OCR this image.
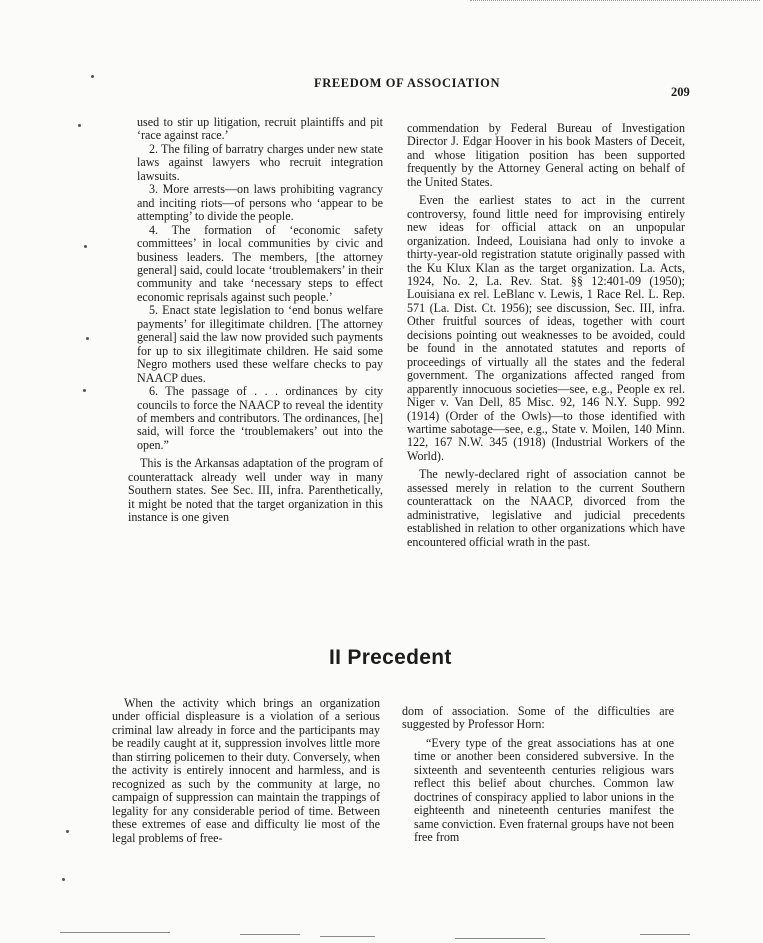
FREEDOM OF ASSOCIATION
209

used to stir up litigation, recruit plaintiffs and pit ‘race against race.’

2. The filing of barratry charges under new state laws against lawyers who recruit integration lawsuits.

3. More arrests—on laws prohibiting vagrancy and inciting riots—of persons who ‘appear to be attempting’ to divide the people.

4. The formation of ‘economic safety committees’ in local communities by civic and business leaders. The members, [the attorney general] said, could locate ‘troublemakers’ in their community and take ‘necessary steps to effect economic reprisals against such people.’

5. Enact state legislation to ‘end bonus welfare payments’ for illegitimate children. [The attorney general] said the law now provided such payments for up to six illegitimate children. He said some Negro mothers used these welfare checks to pay NAACP dues.

6. The passage of . . . ordinances by city councils to force the NAACP to reveal the identity of members and contributors. The ordinances, [he] said, will force the ‘troublemakers’ out into the open.”

This is the Arkansas adaptation of the program of counterattack already well under way in many Southern states. See Sec. III, infra. Parenthetically, it might be noted that the target organization in this instance is one given

commendation by Federal Bureau of Investigation Director J. Edgar Hoover in his book Masters of Deceit, and whose litigation position has been supported frequently by the Attorney General acting on behalf of the United States.

Even the earliest states to act in the current controversy, found little need for improvising entirely new ideas for official attack on an unpopular organization. Indeed, Louisiana had only to invoke a thirty-year-old registration statute originally passed with the Ku Klux Klan as the target organization. La. Acts, 1924, No. 2, La. Rev. Stat. §§ 12:401-09 (1950); Louisiana ex rel. LeBlanc v. Lewis, 1 Race Rel. L. Rep. 571 (La. Dist. Ct. 1956); see discussion, Sec. III, infra. Other fruitful sources of ideas, together with court decisions pointing out weaknesses to be avoided, could be found in the annotated statutes and reports of proceedings of virtually all the states and the federal government. The organizations affected ranged from apparently innocuous societies—see, e.g., People ex rel. Niger v. Van Dell, 85 Misc. 92, 146 N.Y. Supp. 992 (1914) (Order of the Owls)—to those identified with wartime sabotage—see, e.g., State v. Moilen, 140 Minn. 122, 167 N.W. 345 (1918) (Industrial Workers of the World).

The newly-declared right of association cannot be assessed merely in relation to the current Southern counterattack on the NAACP, divorced from the administrative, legislative and judicial precedents established in relation to other organizations which have encountered official wrath in the past.

II Precedent

When the activity which brings an organization under official displeasure is a violation of a serious criminal law already in force and the participants may be readily caught at it, suppression involves little more than stirring policemen to their duty. Conversely, when the activity is entirely innocent and harmless, and is recognized as such by the community at large, no campaign of suppression can maintain the trappings of legality for any considerable period of time. Between these extremes of ease and difficulty lie most of the legal problems of free-

dom of association. Some of the difficulties are suggested by Professor Horn:

“Every type of the great associations has at one time or another been considered subversive. In the sixteenth and seventeenth centuries religious wars reflect this belief about churches. Common law doctrines of conspiracy applied to labor unions in the eighteenth and nineteenth centuries manifest the same conviction. Even fraternal groups have not been free from
